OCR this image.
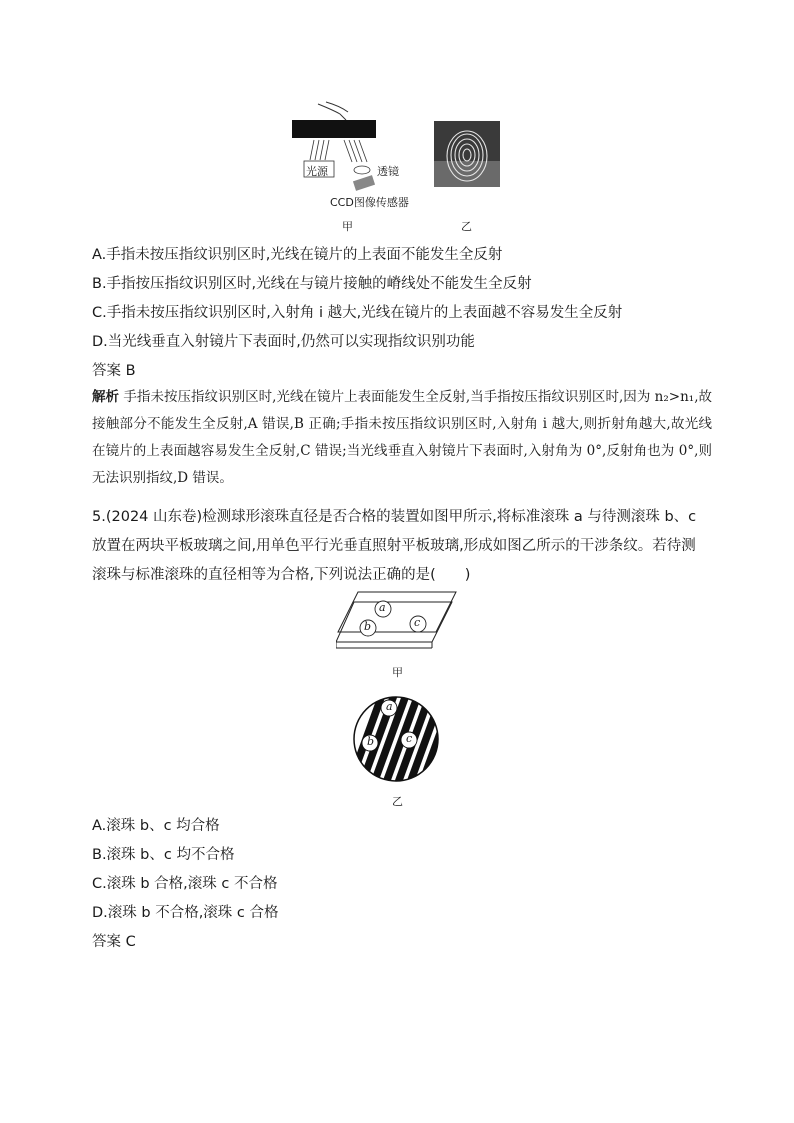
光源	透镜
CCD图像传感器
甲	乙
A.手指未按压指纹识别区时,光线在镜片的上表面不能发生全反射
B.手指按压指纹识别区时,光线在与镜片接触的嵴线处不能发生全反射
C.手指未按压指纹识别区时,入射角 i 越大,光线在镜片的上表面越不容易发生全反射
D.当光线垂直入射镜片下表面时,仍然可以实现指纹识别功能
答案 B
解析 手指未按压指纹识别区时,光线在镜片上表面能发生全反射,当手指按压指纹识别区时,因为 n₂>n₁,故接触部分不能发生全反射,A 错误,B 正确;手指未按压指纹识别区时,入射角 i 越大,则折射角越大,故光线在镜片的上表面越容易发生全反射,C 错误;当光线垂直入射镜片下表面时,入射角为 0°,反射角也为 0°,则无法识别指纹,D 错误。
5.(2024 山东卷)检测球形滚珠直径是否合格的装置如图甲所示,将标准滚珠 a 与待测滚珠 b、c 放置在两块平板玻璃之间,用单色平行光垂直照射平板玻璃,形成如图乙所示的干涉条纹。若待测滚珠与标准滚珠的直径相等为合格,下列说法正确的是(　　)
a
b	c
甲
a
b	c
乙
A.滚珠 b、c 均合格
B.滚珠 b、c 均不合格
C.滚珠 b 合格,滚珠 c 不合格
D.滚珠 b 不合格,滚珠 c 合格
答案 C
